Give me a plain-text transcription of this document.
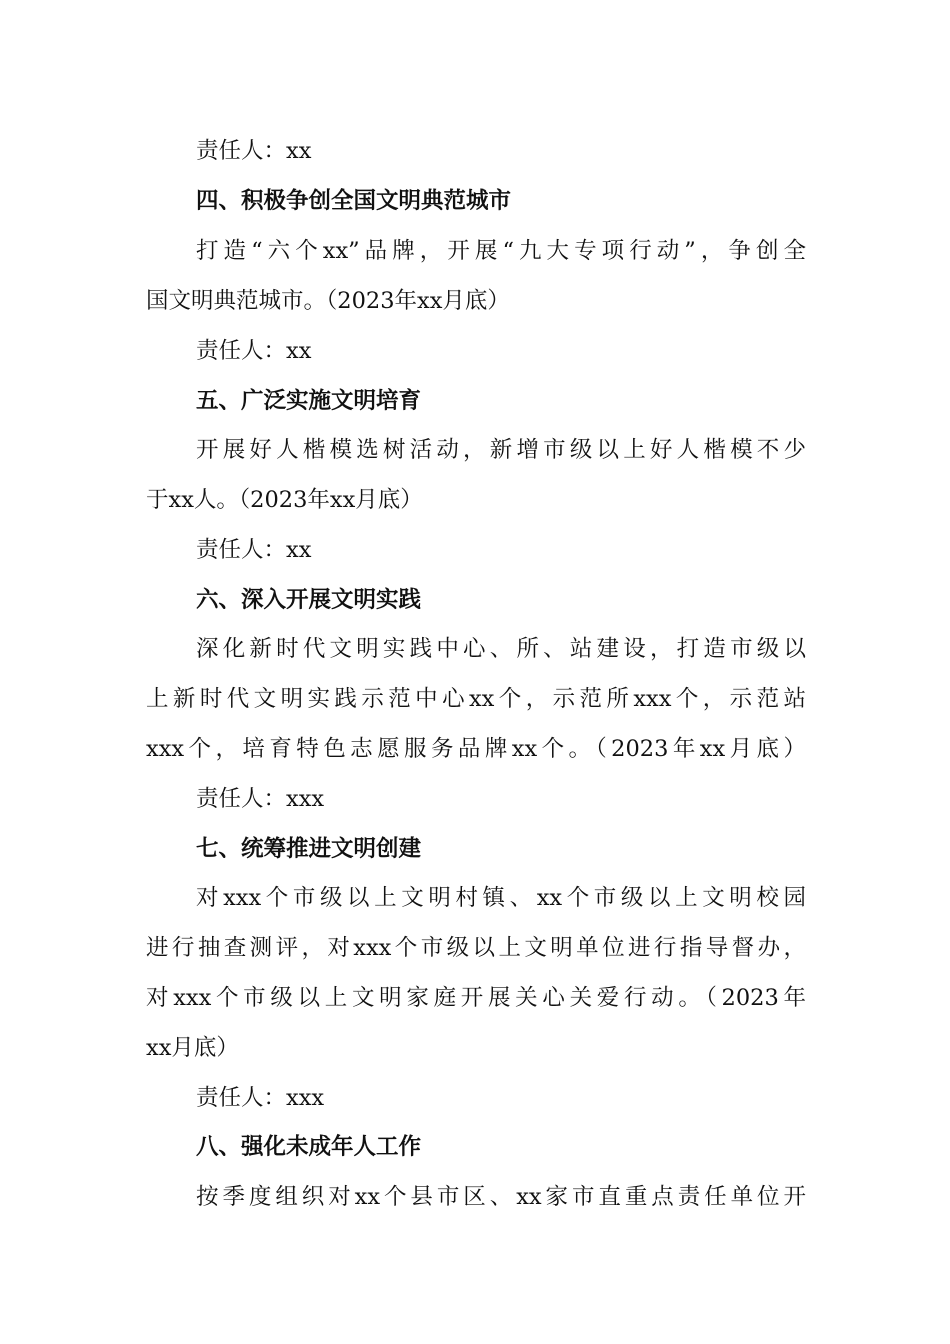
责任人：xx
四、积极争创全国文明典范城市
打造“六个xx”品牌，开展“九大专项行动”，争创全
国文明典范城市。（2023年xx月底）
责任人：xx
五、广泛实施文明培育
开展好人楷模选树活动，新增市级以上好人楷模不少
于xx人。（2023年xx月底）
责任人：xx
六、深入开展文明实践
深化新时代文明实践中心、所、站建设，打造市级以
上新时代文明实践示范中心xx个，示范所xxx个，示范站
xxx个，培育特色志愿服务品牌xx个。（2023年xx月底）
责任人：xxx
七、统筹推进文明创建
对xxx个市级以上文明村镇、xx个市级以上文明校园
进行抽查测评，对xxx个市级以上文明单位进行指导督办，
对xxx个市级以上文明家庭开展关心关爱行动。（2023年
xx月底）
责任人：xxx
八、强化未成年人工作
按季度组织对xx个县市区、xx家市直重点责任单位开
